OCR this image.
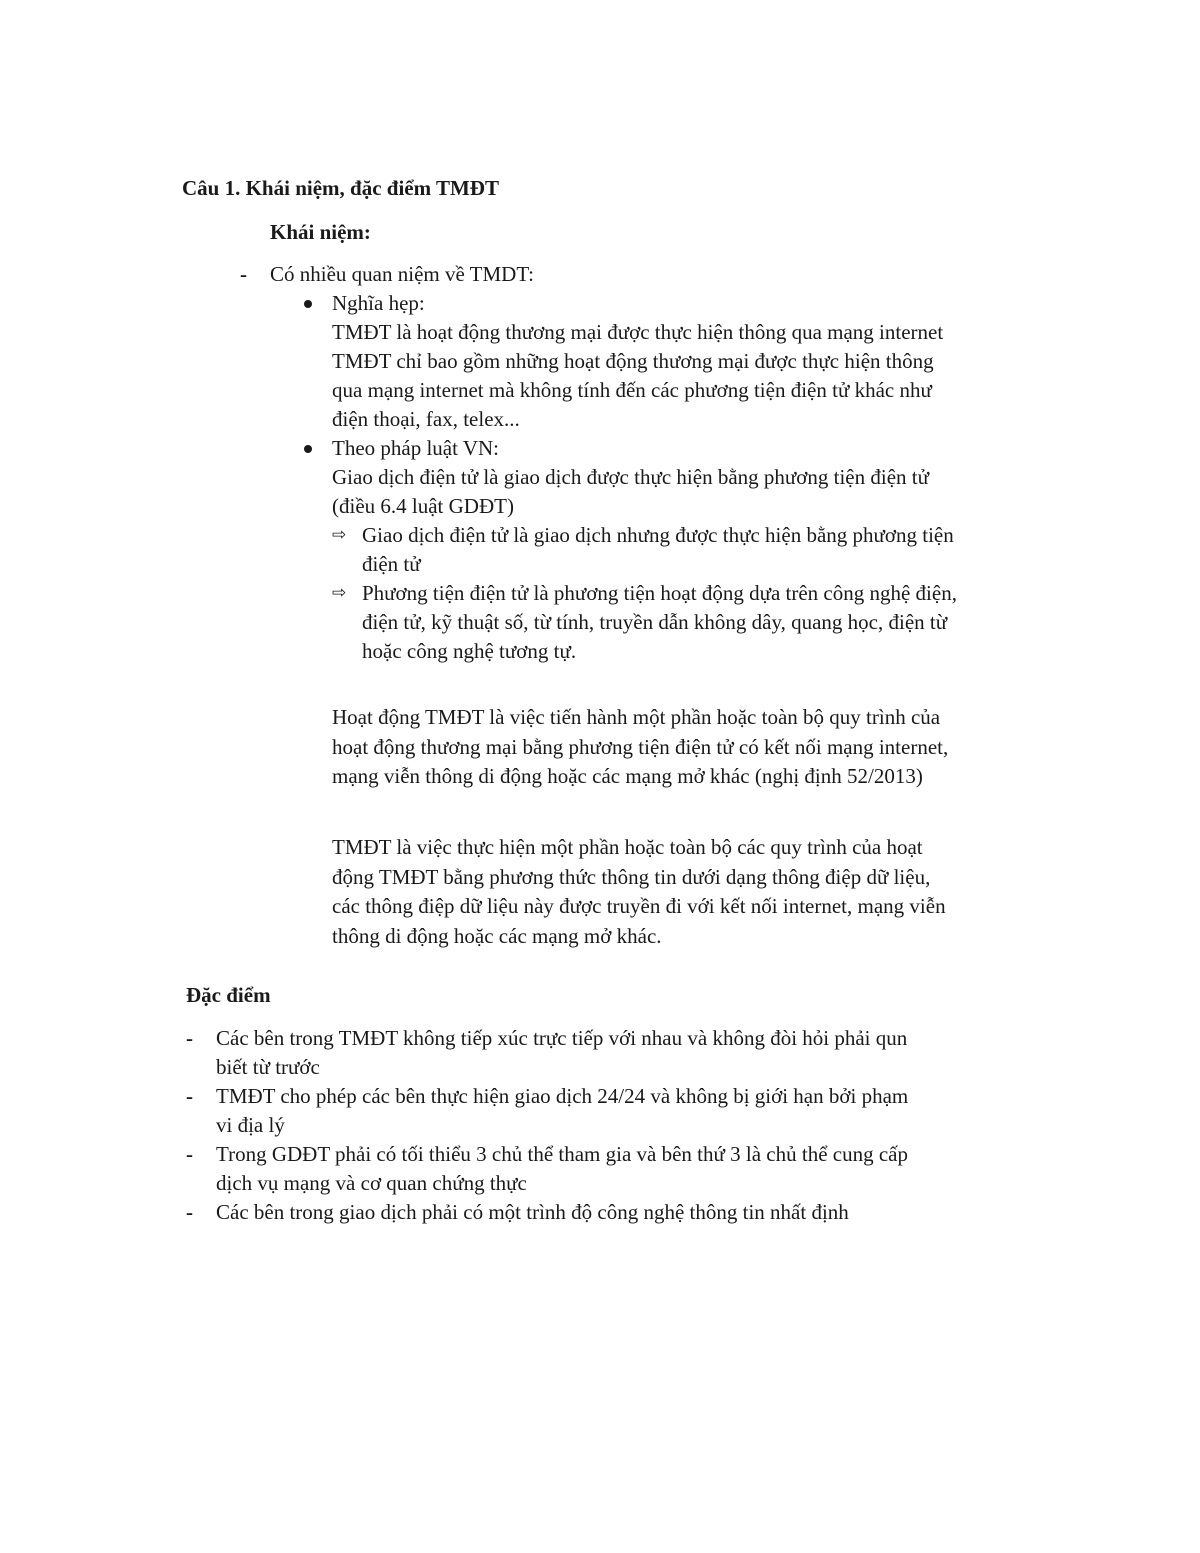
Câu 1. Khái niệm, đặc điểm TMĐT
Khái niệm:
- Có nhiều quan niệm về TMDT:
Nghĩa hẹp:
TMĐT là hoạt động thương mại được thực hiện thông qua mạng internet
TMĐT chỉ bao gồm những hoạt động thương mại được thực hiện thông qua mạng internet mà không tính đến các phương tiện điện tử khác như điện thoại, fax, telex...
Theo pháp luật VN:
Giao dịch điện tử là giao dịch được thực hiện bằng phương tiện điện tử (điều 6.4 luật GDĐT)
⇨ Giao dịch điện tử là giao dịch nhưng được thực hiện bằng phương tiện điện tử
⇨ Phương tiện điện tử là phương tiện hoạt động dựa trên công nghệ điện, điện tử, kỹ thuật số, từ tính, truyền dẫn không dây, quang học, điện từ hoặc công nghệ tương tự.
Hoạt động TMĐT là việc tiến hành một phần hoặc toàn bộ quy trình của hoạt động thương mại bằng phương tiện điện tử có kết nối mạng internet, mạng viễn thông di động hoặc các mạng mở khác (nghị định 52/2013)
TMĐT là việc thực hiện một phần hoặc toàn bộ các quy trình của hoạt động TMĐT bằng phương thức thông tin dưới dạng thông điệp dữ liệu, các thông điệp dữ liệu này được truyền đi với kết nối internet, mạng viễn thông di động hoặc các mạng mở khác.
Đặc điểm
- Các bên trong TMĐT không tiếp xúc trực tiếp với nhau và không đòi hỏi phải qun biết từ trước
- TMĐT cho phép các bên thực hiện giao dịch 24/24 và không bị giới hạn bởi phạm vi địa lý
- Trong GDĐT phải có tối thiểu 3 chủ thể tham gia và bên thứ 3 là chủ thể cung cấp dịch vụ mạng và cơ quan chứng thực
- Các bên trong giao dịch phải có một trình độ công nghệ thông tin nhất định
